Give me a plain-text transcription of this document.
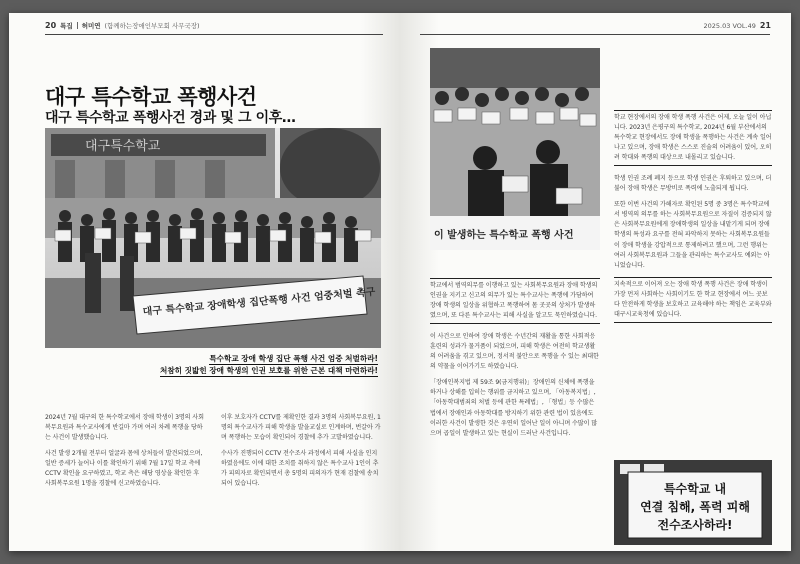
20 특집 허미연 (함께하는장애인부모회 사무국장)
대구 특수학교 폭행사건
대구 특수학교 폭행사건 경과 및 그 이후…
대구특수학교
대구 특수학교 장애학생 집단폭행 사건 엄중처벌 촉구
특수학교 장애 학생 집단 폭행 사건 엄중 처벌하라!
처참히 짓밟힌 장애 학생의 인권 보호를 위한 근본 대책 마련하라!

2024년 7월 대구의 한 특수학교에서 장애 학생이 3명의 사회복무요원과 특수교사에게 반길마 가며 여러 차례 폭행을 당하는 사건이 발생했습니다.

사건 발생 2개월 전부터 얼굴과 몸에 상처들이 발견되었으며, 일반 증세가 늘어나 이를 확인하기 위해 7월 17일 학교 측에 CCTV 확인을 요구하였고, 학교 측은 해당 영상을 확인한 후 사회복무요원 1명을 경찰에 신고하였습니다.

이후 보호자가 CCTV를 제확인한 결과 3명의 사회복무요원, 1명의 특수교사가 피해 학생을 발을교실로 인계하며, 번갈아 가며 폭행하는 모습이 확인되어 경찰에 추가 고발하였습니다.

수사가 진행되어 CCTV 전수조사 과정에서 피해 사실을 인지하였음에도 이에 대한 조치를 취하지 않은 특수교사 1인이 추가 피의자로 확인되면서 총 5명의 피의자가 현재 검찰에 송치되어 있습니다.

2025.03 VOL.49 21
이 발생하는 특수학교 폭행 사건
학교에서 범역의무를 이행하고 있는 사회복무요원과 장애 학생의 인권을 지키고 신고의 의무가 있는 특수교사는 폭행에 가담하여 장애 학생의 일상을 위협하고 폭행하여 몸 곳곳의 상처가 발생하였으며, 또 다른 특수교사는 피해 사실을 알고도 묵인하였습니다.

이 사건으로 인하여 장애 학생은 수년간의 재활을 통한 사회적응 훈련의 성과가 물거품이 되었으며, 피해 학생은 여전히 학교생활의 어려움을 겪고 있으며, 정서적 불안으로 폭행을 수 있는 최대한의 약물을 이어가기도 하였습니다.

「장애인복지법 제 59조 9(금지행위)」장애인의 신체에 폭행을 하거나 상해를 입히는 행위를 금지하고 있으며, 「아동복지법」, 「아동학대범죄의 처벌 등에 관한 특례법」, 「형법」등 수많은 법에서 장애인과 아동학대를 방지하기 위한 관련 법이 있음에도 이러한 사건이 발생한 것은 우연히 일어난 일이 아니며 수많이 많으며 곱일이 발생하고 있는 현실이 드러난 사건입니다.

학교 현장에서의 장애 학생 폭행 사건은 어제, 오늘 일이 아닙니다. 2023년 은평구의 특수학교, 2024년 6월 부산에서의 특수학교 현장에서도 장애 학생을 폭행하는 사건은 계속 일어나고 있으며, 장애 학생은 스스로 진술의 어려움이 있어, 오히려 학대와 폭행의 대상으로 내몰리고 있습니다.

학생 인권 조례 폐지 등으로 학생 인권은 후퇴하고 있으며, 더불어 장애 학생은 무방비로 폭력에 노출되게 됩니다.

또한 이번 사건의 가해자로 확인된 5명 중 3명은 특수학교에서 병역의 의무를 하는 사회복무요원으로 자질이 검증되지 않은 사회복무요원에게 장애학생의 일상을 내맡기게 되며 장애 학생의 특성과 요구를 전혀 파악하지 못하는 사회복무요원들이 장애 학생을 강압적으로 통제하려고 했으며, 그런 행위는 여러 사회복무요원과 그들을 관리하는 특수교사도 예외는 아니었습니다.

지속적으로 이어져 오는 장애 학생 폭행 사건은 장애 학생이 가장 먼저 사회하는 사회이기도 한 학교 현장에서 여느 곳보다 안전하게 학생을 보호하고 교육해야 하는 책임은 교육부와 대구시교육청에 있습니다.
특수학교 내
연결 침해, 폭력 피해
전수조사하라!
